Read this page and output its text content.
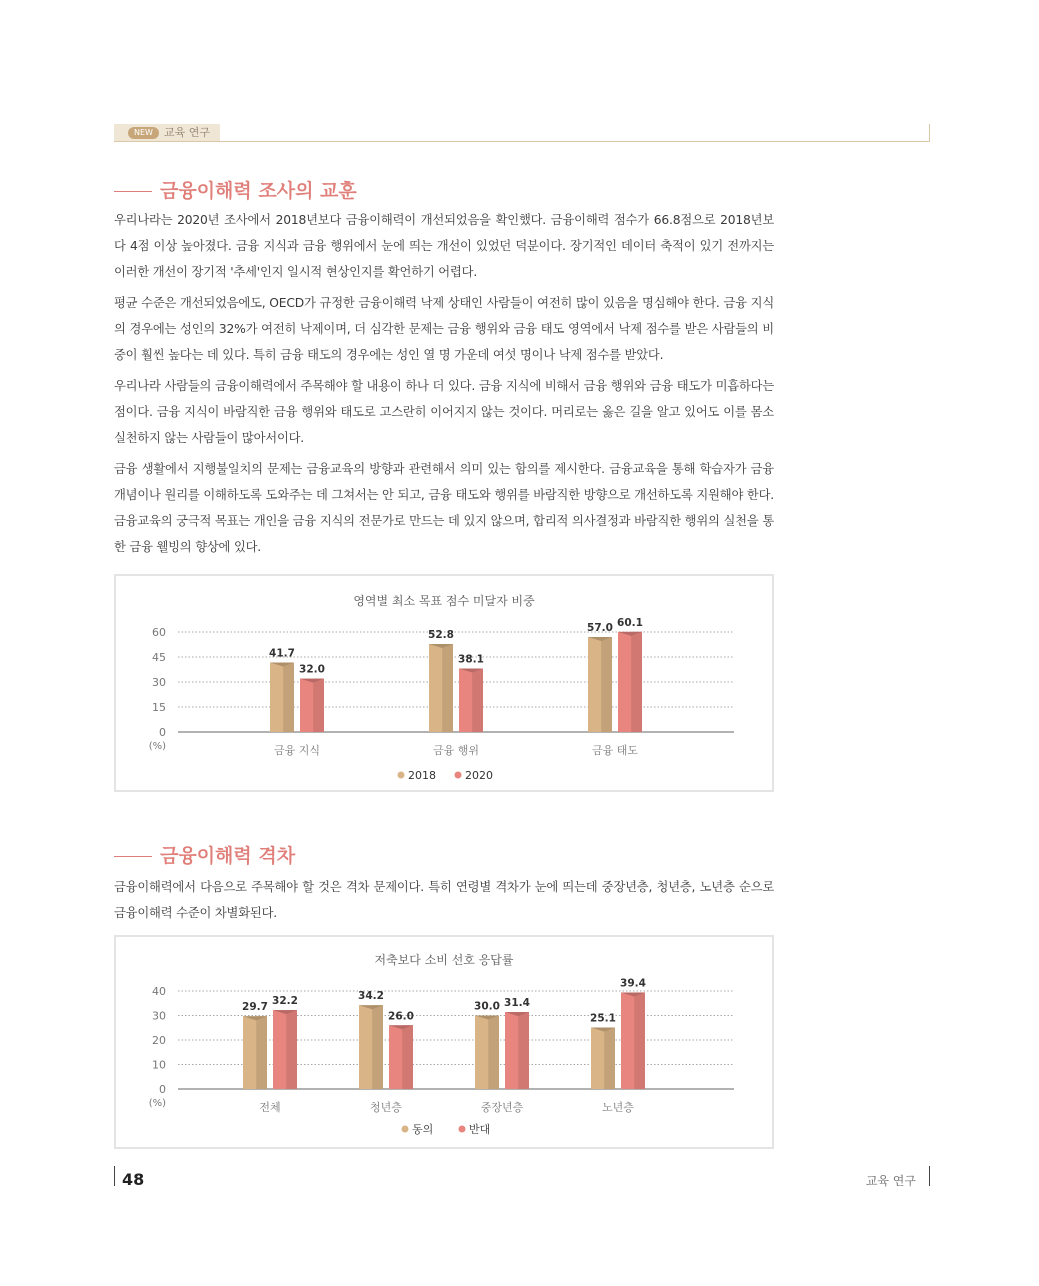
NEW	교육 연구
금융이해력 조사의 교훈

우리나라는 2020년 조사에서 2018년보다 금융이해력이 개선되었음을 확인했다. 금융이해력 점수가 66.8점으로 2018년보다 4점 이상 높아졌다. 금융 지식과 금융 행위에서 눈에 띄는 개선이 있었던 덕분이다. 장기적인 데이터 축적이 있기 전까지는 이러한 개선이 장기적 '추세'인지 일시적 현상인지를 확언하기 어렵다.

평균 수준은 개선되었음에도, OECD가 규정한 금융이해력 낙제 상태인 사람들이 여전히 많이 있음을 명심해야 한다. 금융 지식의 경우에는 성인의 32%가 여전히 낙제이며, 더 심각한 문제는 금융 행위와 금융 태도 영역에서 낙제 점수를 받은 사람들의 비중이 훨씬 높다는 데 있다. 특히 금융 태도의 경우에는 성인 열 명 가운데 여섯 명이나 낙제 점수를 받았다.

우리나라 사람들의 금융이해력에서 주목해야 할 내용이 하나 더 있다. 금융 지식에 비해서 금융 행위와 금융 태도가 미흡하다는 점이다. 금융 지식이 바람직한 금융 행위와 태도로 고스란히 이어지지 않는 것이다. 머리로는 옳은 길을 알고 있어도 이를 몸소 실천하지 않는 사람들이 많아서이다.

금융 생활에서 지행불일치의 문제는 금융교육의 방향과 관련해서 의미 있는 함의를 제시한다. 금융교육을 통해 학습자가 금융 개념이나 원리를 이해하도록 도와주는 데 그쳐서는 안 되고, 금융 태도와 행위를 바람직한 방향으로 개선하도록 지원해야 한다. 금융교육의 궁극적 목표는 개인을 금융 지식의 전문가로 만드는 데 있지 않으며, 합리적 의사결정과 바람직한 행위의 실천을 통한 금융 웰빙의 향상에 있다.

영역별 최소 목표 점수 미달자 비중
0
15
30
45
60
(%)
41.7
32.0
금융 지식
52.8
38.1
금융 행위
57.0 60.1
금융 태도
2018	2020
금융이해력 격차

금융이해력에서 다음으로 주목해야 할 것은 격차 문제이다. 특히 연령별 격차가 눈에 띄는데 중장년층, 청년층, 노년층 순으로 금융이해력 수준이 차별화된다.

저축보다 소비 선호 응답률
0
10
20
30
40
(%)
29.7
32.2
전체
34.2
26.0
청년층
30.0 31.4
중장년층
25.1
39.4
노년층
동의	반대
48	교육 연구
